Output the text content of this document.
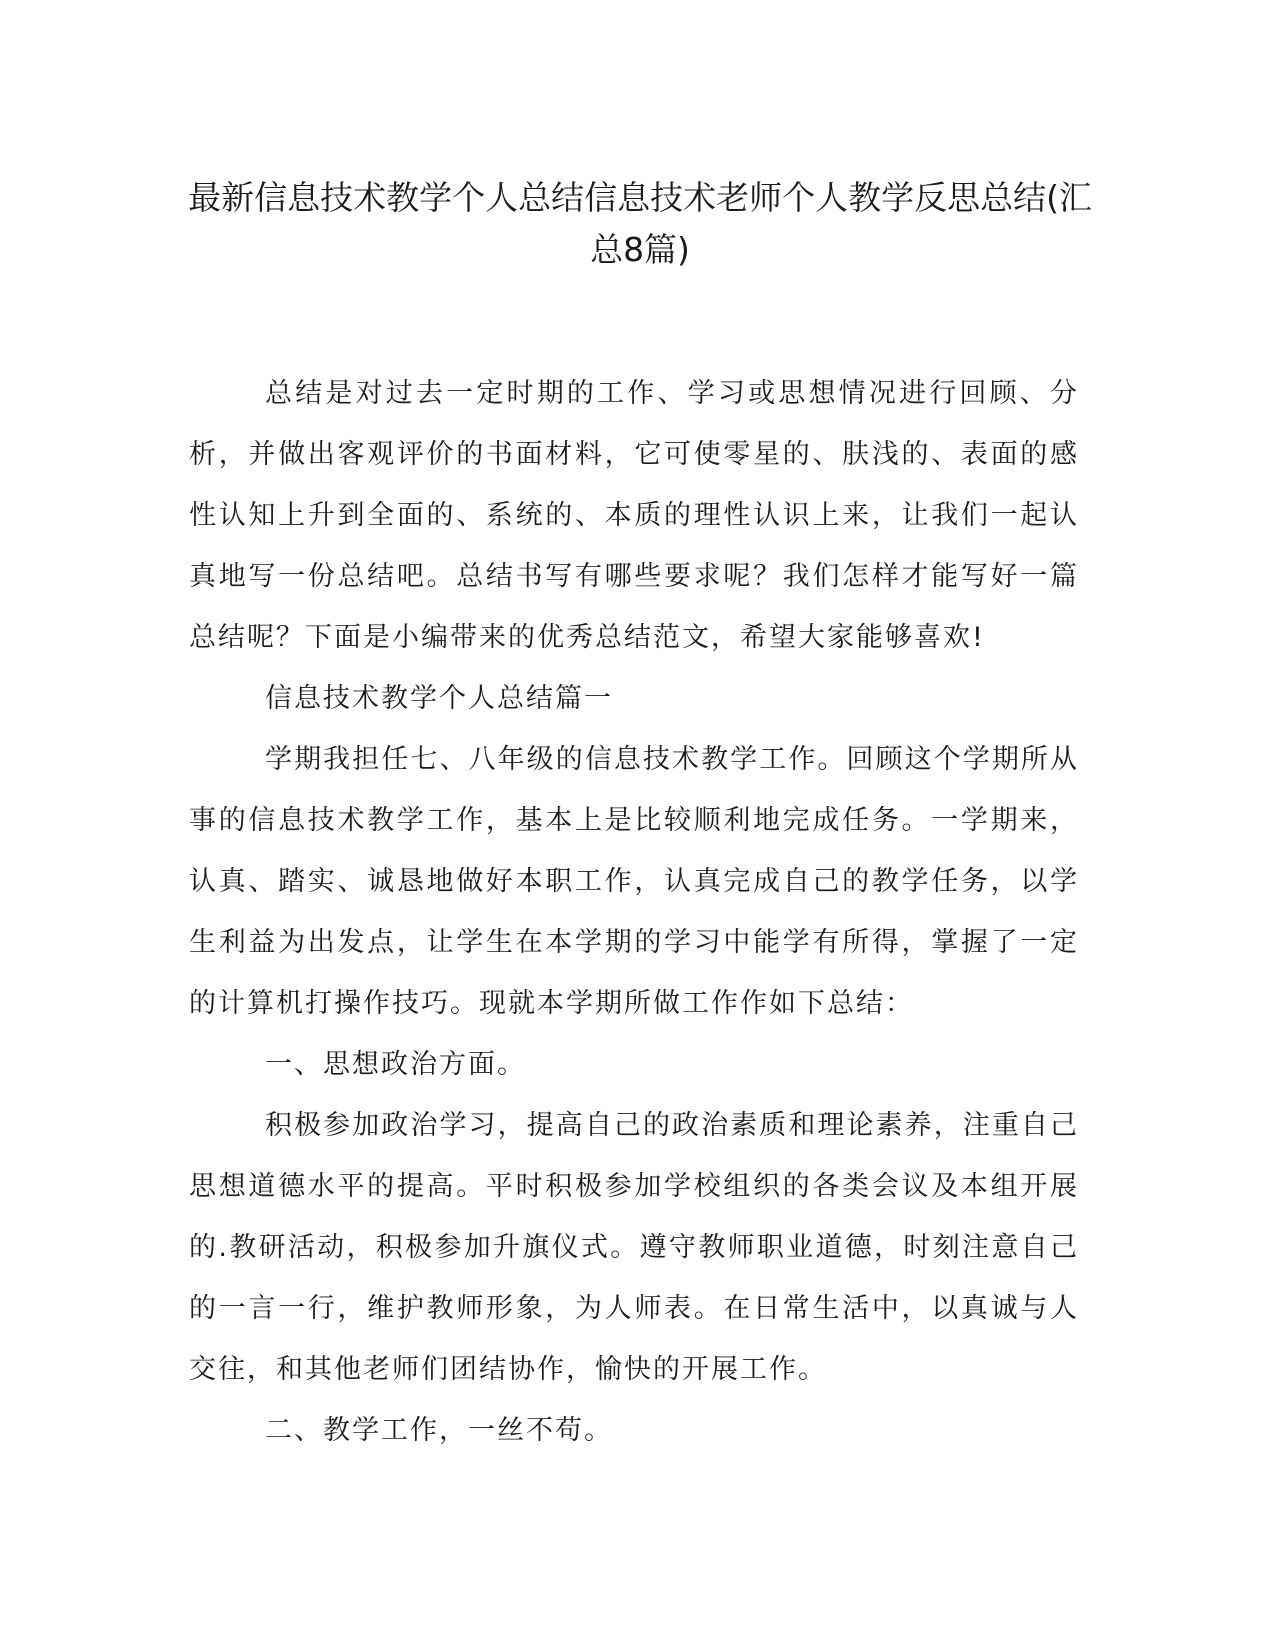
最新信息技术教学个人总结信息技术老师个人教学反思总结(汇总8篇)

总结是对过去一定时期的工作、学习或思想情况进行回顾、分析，并做出客观评价的书面材料，它可使零星的、肤浅的、表面的感性认知上升到全面的、系统的、本质的理性认识上来，让我们一起认真地写一份总结吧。总结书写有哪些要求呢？我们怎样才能写好一篇总结呢？下面是小编带来的优秀总结范文，希望大家能够喜欢!

信息技术教学个人总结篇一

学期我担任七、八年级的信息技术教学工作。回顾这个学期所从事的信息技术教学工作，基本上是比较顺利地完成任务。一学期来，认真、踏实、诚恳地做好本职工作，认真完成自己的教学任务，以学生利益为出发点，让学生在本学期的学习中能学有所得，掌握了一定的计算机打操作技巧。现就本学期所做工作作如下总结：

一、思想政治方面。

积极参加政治学习，提高自己的政治素质和理论素养，注重自己思想道德水平的提高。平时积极参加学校组织的各类会议及本组开展的.教研活动，积极参加升旗仪式。遵守教师职业道德，时刻注意自己的一言一行，维护教师形象，为人师表。在日常生活中，以真诚与人交往，和其他老师们团结协作，愉快的开展工作。

二、教学工作，一丝不苟。
